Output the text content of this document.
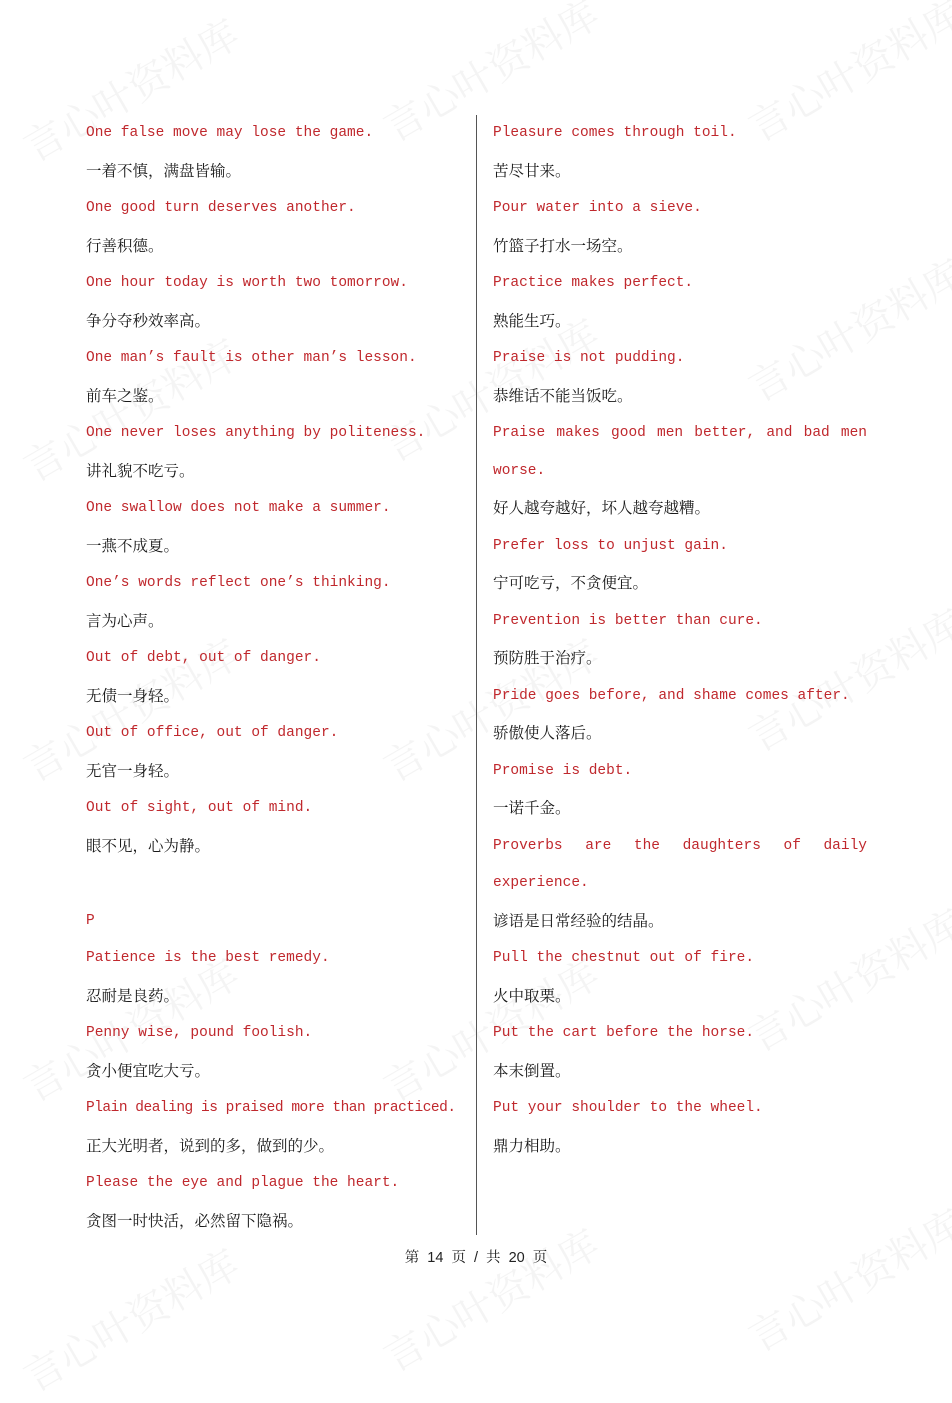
One false move may lose the game.
一着不慎，满盘皆输。
One good turn deserves another.
行善积德。
One hour today is worth two tomorrow.
争分夺秒效率高。
One man’s fault is other man’s lesson.
前车之鉴。
One never loses anything by politeness.
讲礼貌不吃亏。
One swallow does not make a summer.
一燕不成夏。
One’s words reflect one’s thinking.
言为心声。
Out of debt, out of danger.
无债一身轻。
Out of office, out of danger.
无官一身轻。
Out of sight, out of mind.
眼不见，心为静。
P
Patience is the best remedy.
忍耐是良药。
Penny wise, pound foolish.
贪小便宜吃大亏。
Plain dealing is praised more than practiced.
正大光明者，说到的多，做到的少。
Please the eye and plague the heart.
贪图一时快活，必然留下隐祸。
Pleasure comes through toil.
苦尽甘来。
Pour water into a sieve.
竹篮子打水一场空。
Practice makes perfect.
熟能生巧。
Praise is not pudding.
恭维话不能当饭吃。
Praise makes good men better, and bad men worse.
好人越夸越好，坏人越夸越糟。
Prefer loss to unjust gain.
宁可吃亏，不贪便宜。
Prevention is better than cure.
预防胜于治疗。
Pride goes before, and shame comes after.
骄傲使人落后。
Promise is debt.
一诺千金。
Proverbs are the daughters of daily experience.
谚语是日常经验的结晶。
Pull the chestnut out of fire.
火中取栗。
Put the cart before the horse.
本末倒置。
Put your shoulder to the wheel.
鼎力相助。
第 14 页 / 共 20 页
